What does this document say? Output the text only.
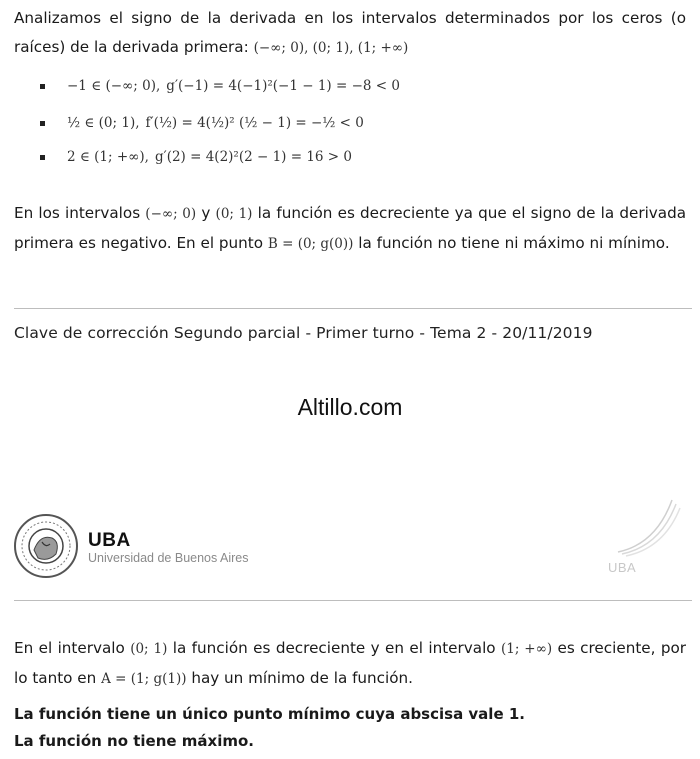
Analizamos el signo de la derivada en los intervalos determinados por los ceros (o raíces) de la derivada primera: (−∞; 0), (0; 1), (1; +∞)
−1 ∈ (−∞; 0), g′(−1) = 4(−1)²(−1 − 1) = −8 < 0
½ ∈ (0; 1), f′(½) = 4(½)² (½ − 1) = −½ < 0
2 ∈ (1; +∞), g′(2) = 4(2)²(2 − 1) = 16 > 0
En los intervalos (−∞; 0) y (0; 1) la función es decreciente ya que el signo de la derivada primera es negativo. En el punto B = (0; g(0)) la función no tiene ni máximo ni mínimo.
Clave de corrección Segundo parcial - Primer turno - Tema 2 - 20/11/2019
Altillo.com
UBA
Universidad de Buenos Aires
UBA
En el intervalo (0; 1) la función es decreciente y en el intervalo (1; +∞) es creciente, por lo tanto en A = (1; g(1)) hay un mínimo de la función.
La función tiene un único punto mínimo cuya abscisa vale 1.
La función no tiene máximo.
